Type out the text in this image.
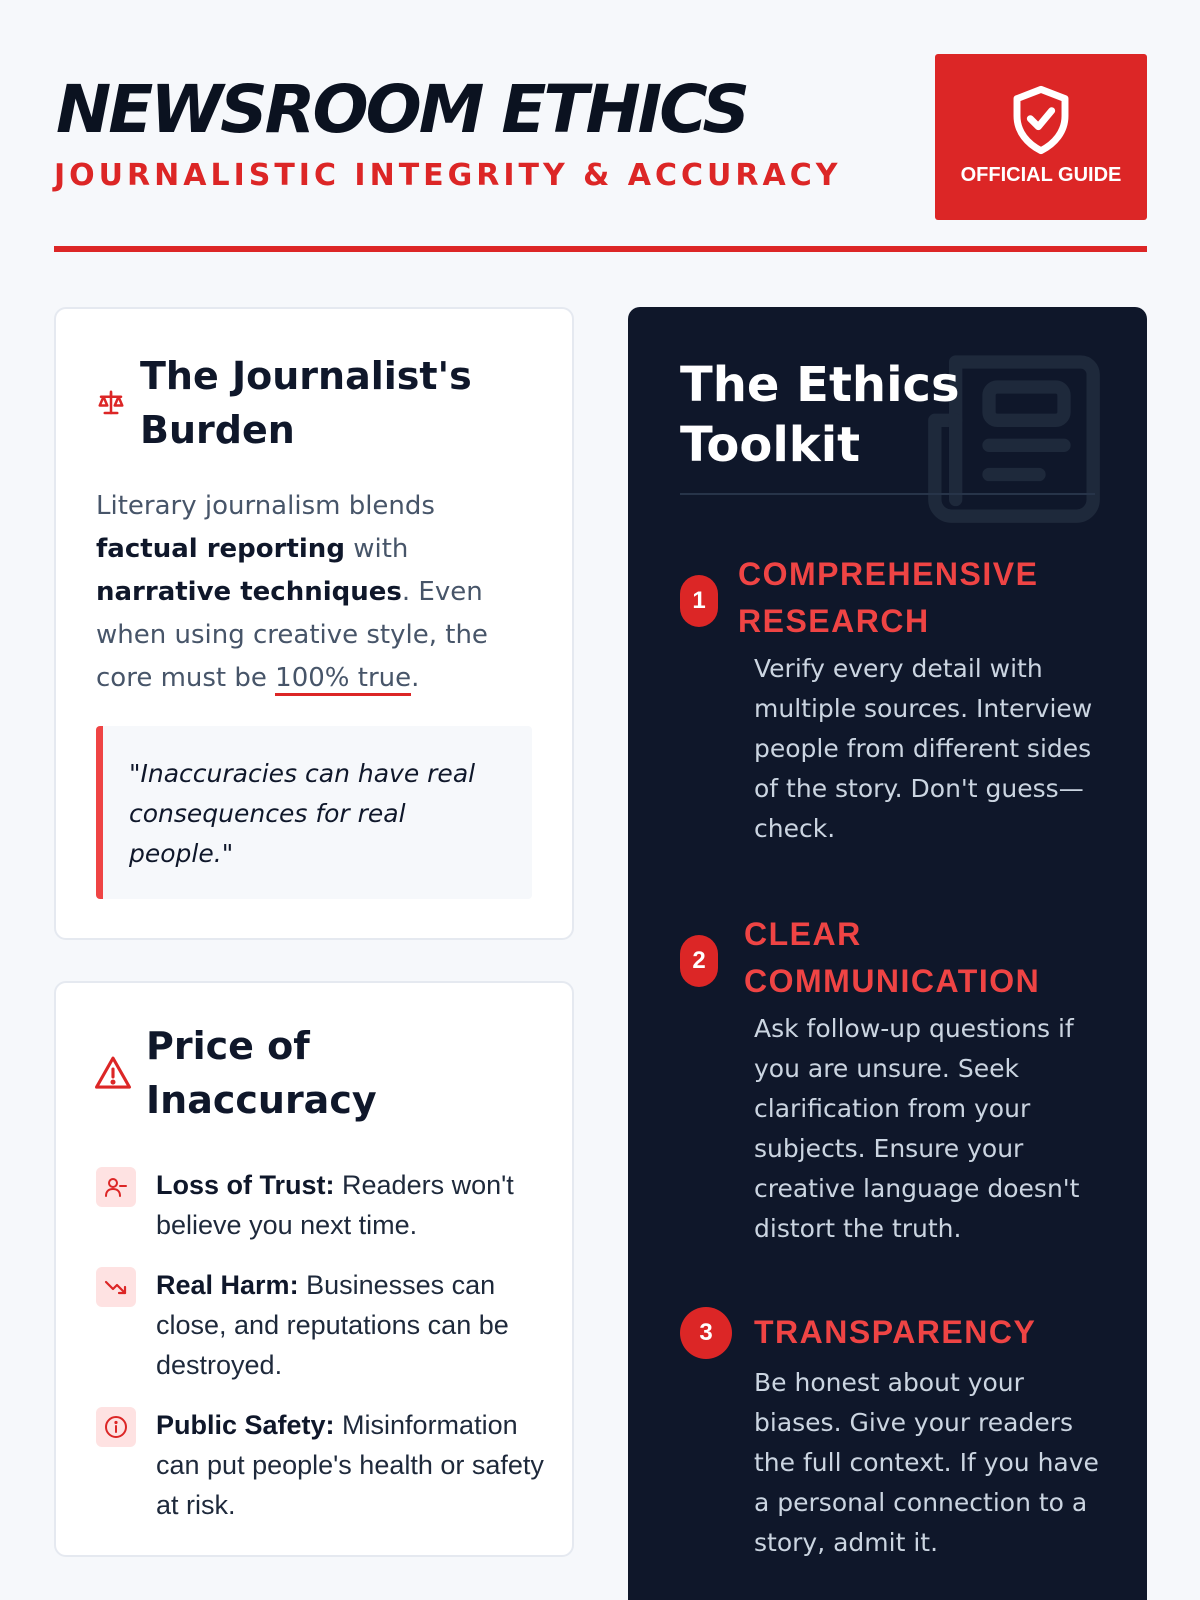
NEWSROOM ETHICS
JOURNALISTIC INTEGRITY & ACCURACY	OFFICIAL GUIDE
The Journalist's Burden

Literary journalism blends factual reporting with narrative techniques. Even when using creative style, the core must be 100% true.

"Inaccuracies can have real consequences for real people."
Price of Inaccuracy

Loss of Trust: Readers won't believe you next time.

Real Harm: Businesses can close, and reputations can be destroyed.

Public Safety: Misinformation can put people's health or safety at risk.

The Ethics Toolkit
1
COMPREHENSIVE RESEARCH

Verify every detail with multiple sources. Interview people from different sides of the story. Don't guess—check.

2
CLEAR COMMUNICATION

Ask follow-up questions if you are unsure. Seek clarification from your subjects. Ensure your creative language doesn't distort the truth.

3	TRANSPARENCY

Be honest about your biases. Give your readers the full context. If you have a personal connection to a story, admit it.
